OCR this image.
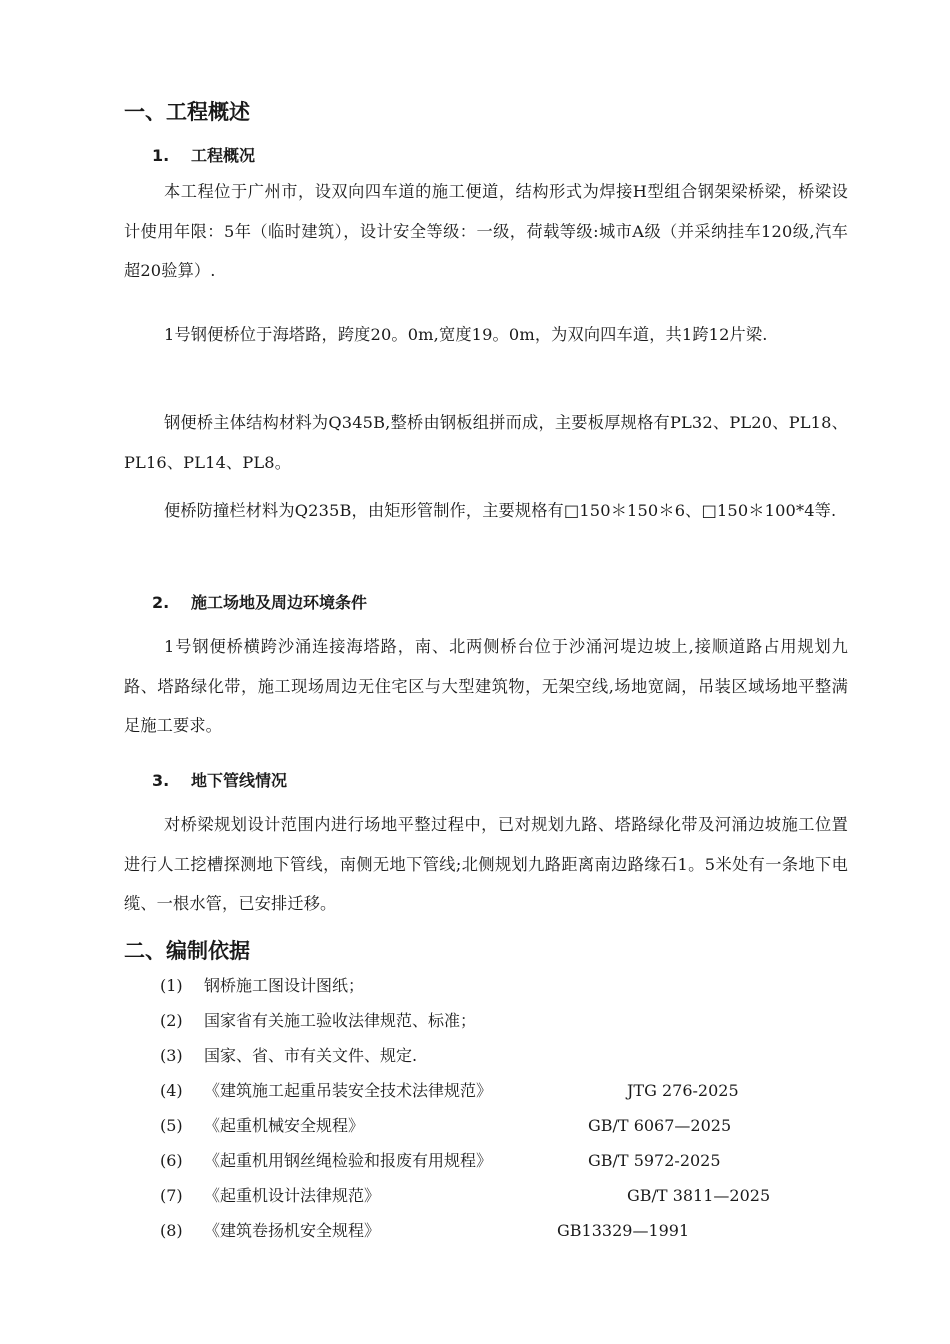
一、工程概述
1. 工程概况

本工程位于广州市，设双向四车道的施工便道，结构形式为焊接H型组合钢架梁桥梁，桥梁设计使用年限：5年（临时建筑），设计安全等级：一级，荷载等级:城市A级（并采纳挂车120级,汽车超20验算）.

1号钢便桥位于海塔路，跨度20。0m,宽度19。0m，为双向四车道，共1跨12片梁.

钢便桥主体结构材料为Q345B,整桥由钢板组拼而成，主要板厚规格有PL32、PL20、PL18、PL16、PL14、PL8。

便桥防撞栏材料为Q235B，由矩形管制作，主要规格有□150＊150＊6、□150＊100*4等.

2. 施工场地及周边环境条件

1号钢便桥横跨沙涌连接海塔路，南、北两侧桥台位于沙涌河堤边坡上,接顺道路占用规划九路、塔路绿化带，施工现场周边无住宅区与大型建筑物，无架空线,场地宽阔，吊装区域场地平整满足施工要求。

3. 地下管线情况

对桥梁规划设计范围内进行场地平整过程中，已对规划九路、塔路绿化带及河涌边坡施工位置进行人工挖槽探测地下管线，南侧无地下管线;北侧规划九路距离南边路缘石1。5米处有一条地下电缆、一根水管，已安排迁移。

二、编制依据
(1) 钢桥施工图设计图纸；
(2) 国家省有关施工验收法律规范、标准；
(3) 国家、省、市有关文件、规定.
(4) 《建筑施工起重吊装安全技术法律规范》	JTG 276-2025
(5) 《起重机械安全规程》	GB/T 6067—2025
(6) 《起重机用钢丝绳检验和报废有用规程》	GB/T 5972-2025
(7) 《起重机设计法律规范》	GB/T 3811—2025
(8) 《建筑卷扬机安全规程》	GB13329—1991
